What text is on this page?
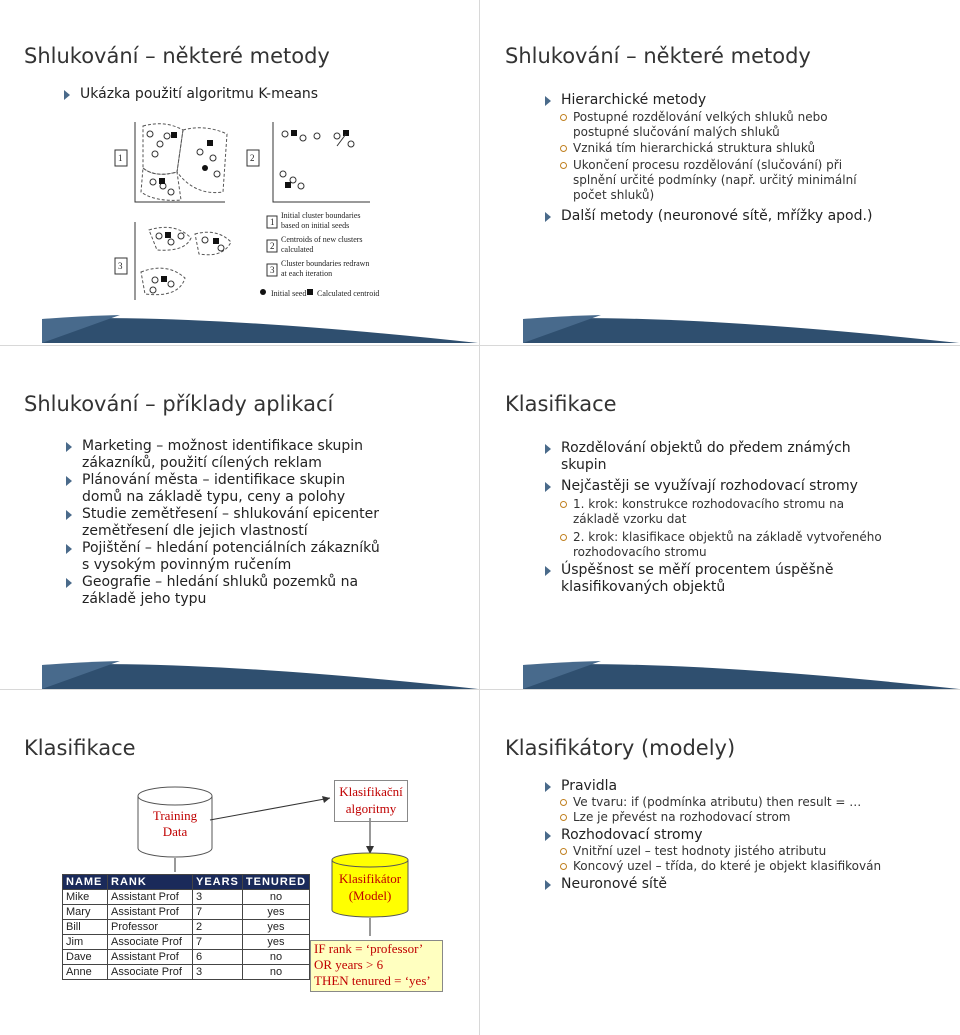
Shlukování – některé metody
Ukázka použití algoritmu K-means
1	2
3
1
Initial cluster boundaries
based on initial seeds
2
Centroids of new clusters
calculated
3
Cluster boundaries redrawn
at each iteration
Initial seed Calculated centroid
Shlukování – některé metody
Hierarchické metody
Postupné rozdělování velkých shluků nebo postupné slučování malých shluků
Vzniká tím hierarchická struktura shluků
Ukončení procesu rozdělování (slučování) při splnění určité podmínky (např. určitý minimální počet shluků)
Další metody (neuronové sítě, mřížky apod.)
Shlukování – příklady aplikací
Marketing – možnost identifikace skupin zákazníků, použití cílených reklam
Plánování města – identifikace skupin domů na základě typu, ceny a polohy
Studie zemětřesení – shlukování epicenter zemětřesení dle jejich vlastností
Pojištění – hledání potenciálních zákazníků s vysokým povinným ručením
Geografie – hledání shluků pozemků na základě jeho typu
Klasifikace
Rozdělování objektů do předem známých skupin
Nejčastěji se využívají rozhodovací stromy
1. krok: konstrukce rozhodovacího stromu na základě vzorku dat
2. krok: klasifikace objektů na základě vytvořeného rozhodovacího stromu
Úspěšnost se měří procentem úspěšně klasifikovaných objektů
Klasifikace
Training Data
Klasifikační algoritmy
Klasifikátor (Model)
IF rank = ‘professor’
OR years > 6
THEN tenured = ‘yes’
NAME	RANK	YEARS	TENURED
Mike	Assistant Prof	3	no
Mary	Assistant Prof	7	yes
Bill	Professor	2	yes
Jim	Associate Prof	7	yes
Dave	Assistant Prof	6	no
Anne	Associate Prof	3	no
Klasifikátory (modely)
Pravidla
Ve tvaru: if (podmínka atributu) then result = …
Lze je převést na rozhodovací strom
Rozhodovací stromy
Vnitřní uzel – test hodnoty jistého atributu
Koncový uzel – třída, do které je objekt klasifikován
Neuronové sítě
